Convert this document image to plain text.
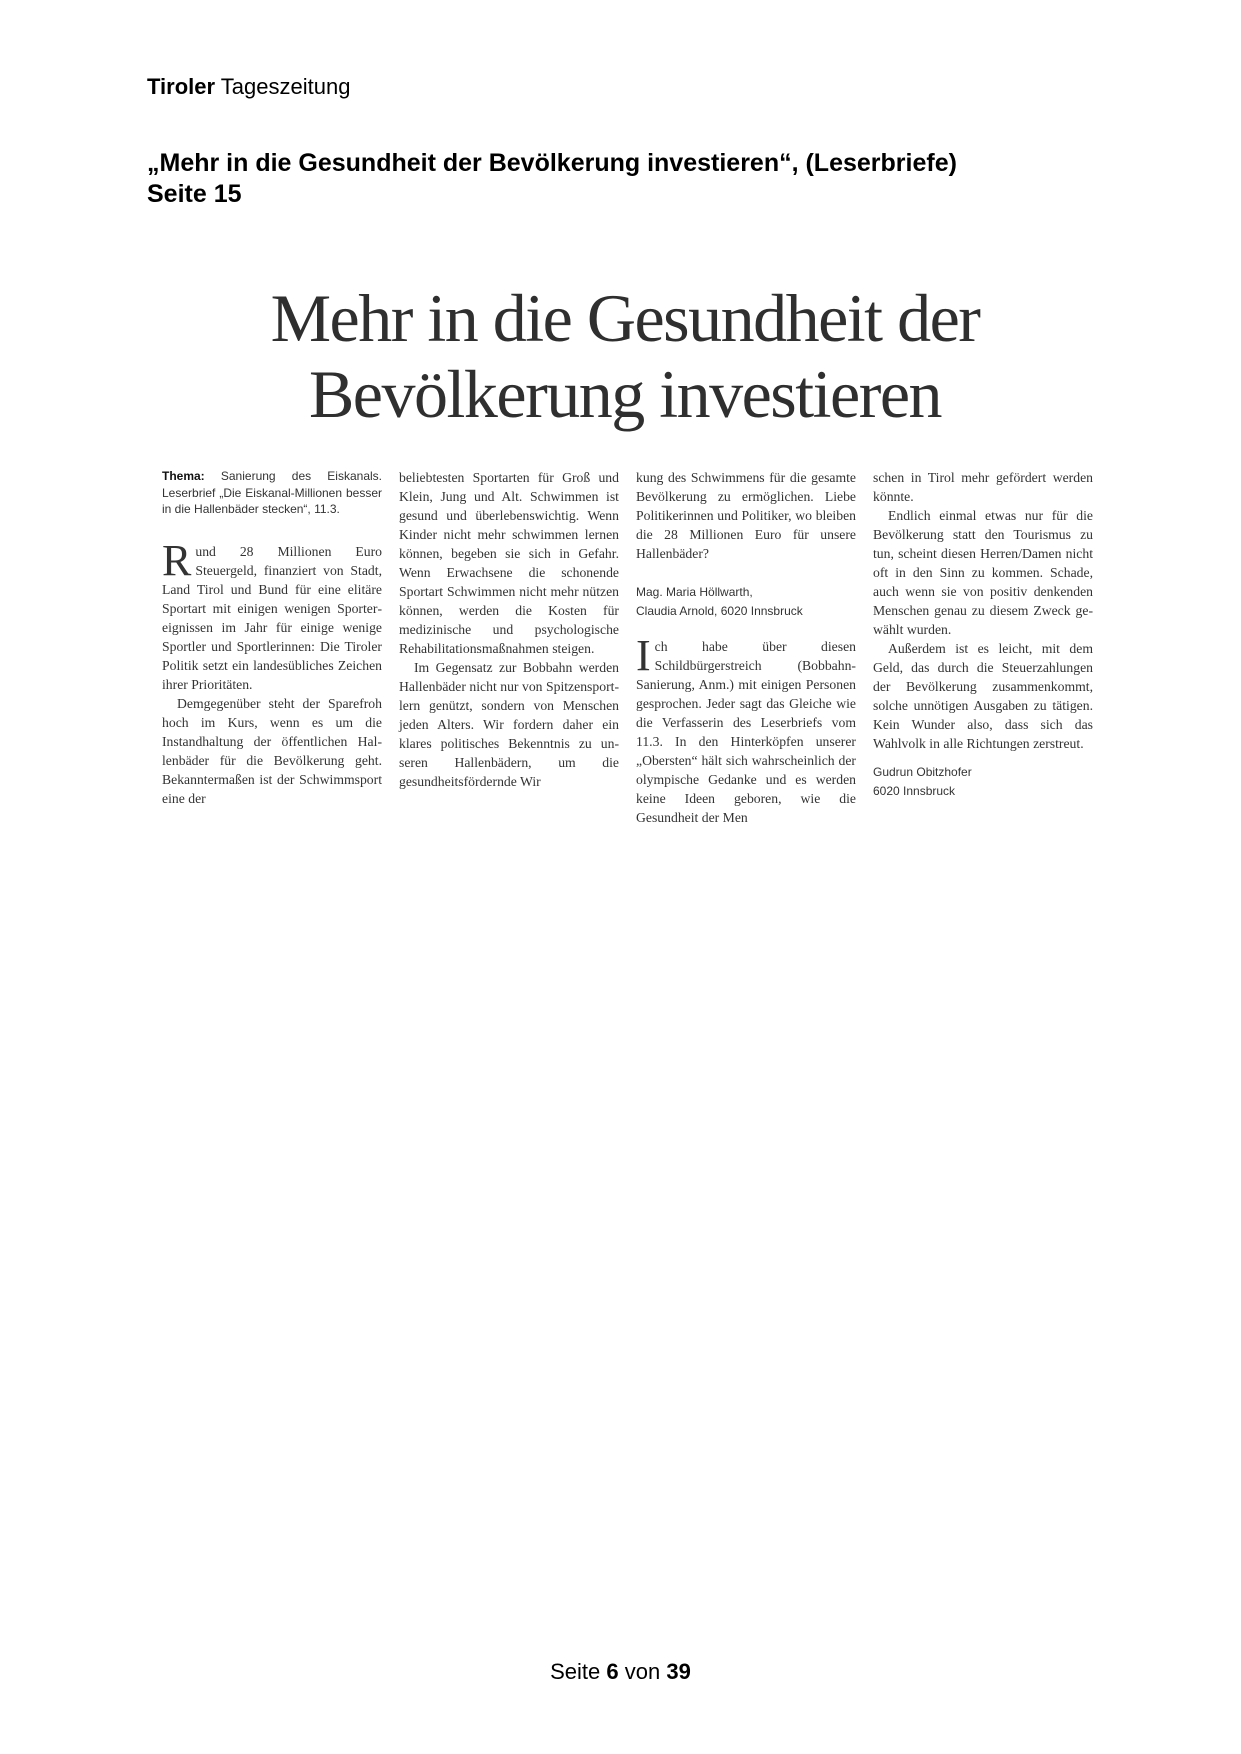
Tiroler Tageszeitung
„Mehr in die Gesundheit der Bevölkerung investieren“, (Leserbriefe)
Seite 15
Mehr in die Gesundheit der
Bevölkerung investieren
Thema: Sanierung des Eiskanals. Leserbrief „Die Eiskanal-Millionen besser in die Hallenbäder stecken“, 11.3.

Rund 28 Millionen Euro Steuergeld, finanziert von Stadt, Land Tirol und Bund für eine elitäre Sportart mit einigen wenigen Sportereignissen im Jahr für einige wenige Sportler und Sportlerinnen: Die Tiroler Politik setzt ein landesübliches Zeichen ihrer Prioritäten.

Demgegenüber steht der Sparefroh hoch im Kurs, wenn es um die Instandhaltung der öffentlichen Hallenbäder für die Bevölkerung geht. Bekanntermaßen ist der Schwimmsport eine der

beliebtesten Sportarten für Groß und Klein, Jung und Alt. Schwimmen ist gesund und überlebenswichtig. Wenn Kinder nicht mehr schwimmen lernen können, begeben sie sich in Gefahr. Wenn Erwachsene die schonende Sportart Schwimmen nicht mehr nützen können, werden die Kosten für medizinische und psychologische Rehabilitationsmaßnahmen steigen.

Im Gegensatz zur Bobbahn werden Hallenbäder nicht nur von Spitzensportlern genützt, sondern von Menschen jeden Alters. Wir fordern daher ein klares politisches Bekenntnis zu unseren Hallenbädern, um die gesundheitsfördernde Wir

kung des Schwimmens für die gesamte Bevölkerung zu ermöglichen. Liebe Politikerinnen und Politiker, wo bleiben die 28 Millionen Euro für unsere Hallenbäder?

Mag. Maria Höllwarth,
Claudia Arnold, 6020 Innsbruck

Ich habe über diesen Schildbürgerstreich (Bobbahn-Sanierung, Anm.) mit einigen Personen gesprochen. Jeder sagt das Gleiche wie die Verfasserin des Leserbriefs vom 11.3. In den Hinterköpfen unserer „Obersten“ hält sich wahrscheinlich der olympische Gedanke und es werden keine Ideen geboren, wie die Gesundheit der Men

schen in Tirol mehr gefördert werden könnte.

Endlich einmal etwas nur für die Bevölkerung statt den Tourismus zu tun, scheint diesen Herren/Damen nicht oft in den Sinn zu kommen. Schade, auch wenn sie von positiv denkenden Menschen genau zu diesem Zweck gewählt wurden.

Außerdem ist es leicht, mit dem Geld, das durch die Steuerzahlungen der Bevölkerung zusammenkommt, solche unnötigen Ausgaben zu tätigen. Kein Wunder also, dass sich das Wahlvolk in alle Richtungen zerstreut.

Gudrun Obitzhofer
6020 Innsbruck
Seite 6 von 39
